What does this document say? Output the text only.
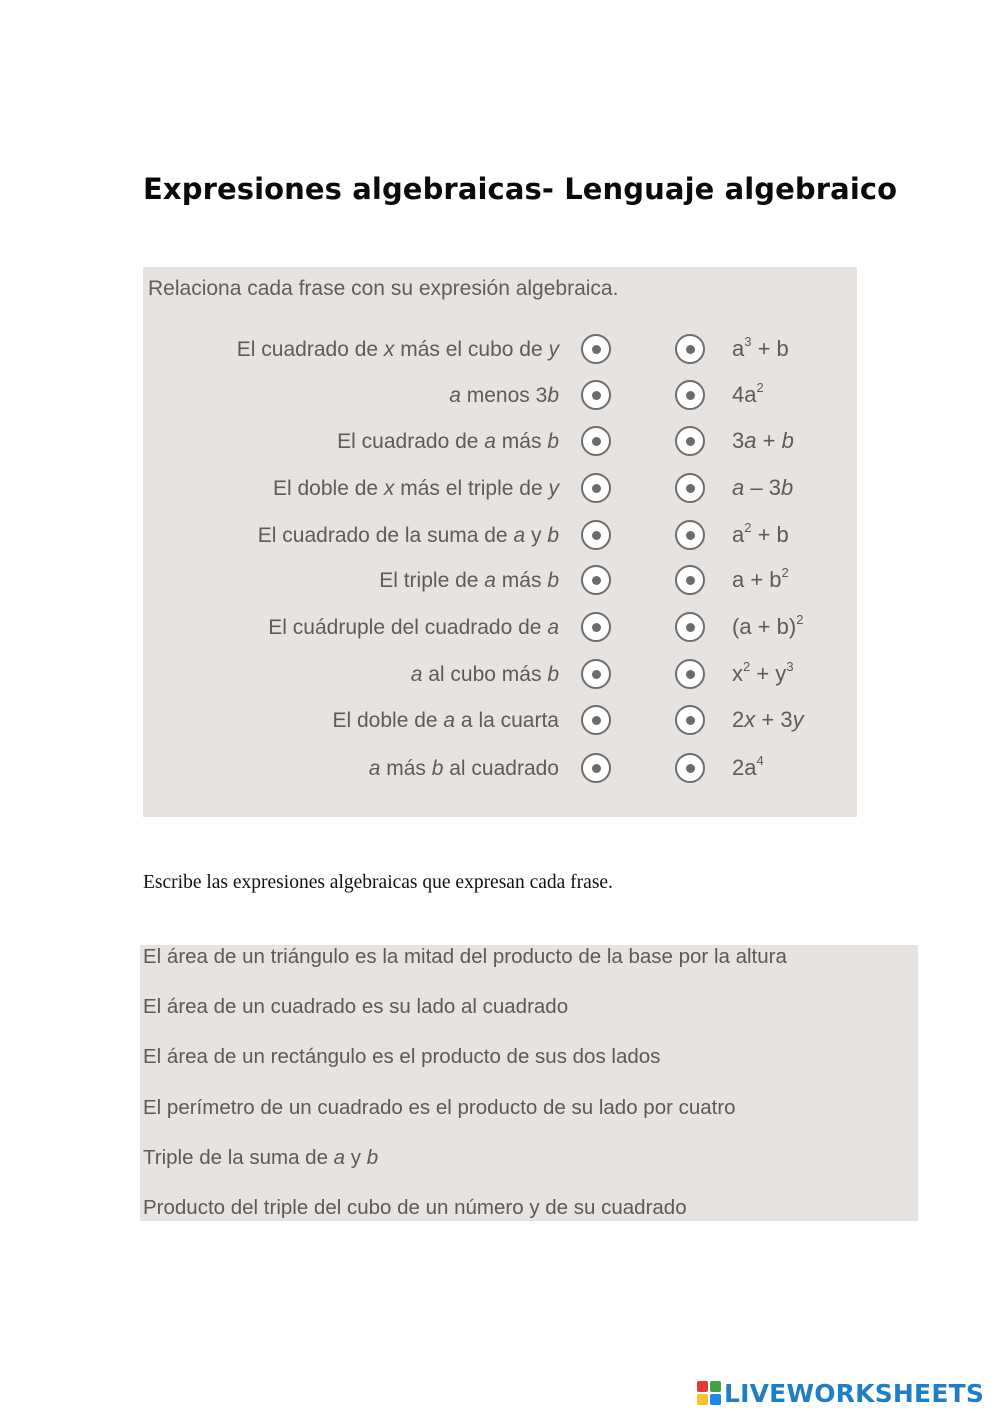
Expresiones algebraicas- Lenguaje algebraico
Relaciona cada frase con su expresión algebraica.
El cuadrado de x más el cubo de y	$a^3 + b$
a menos 3b	$4a^2$
El cuadrado de a más b	3a + b
El doble de x más el triple de y	a – 3b
El cuadrado de la suma de a y b	$a^2 + b$
El triple de a más b	$a + b^2$
El cuádruple del cuadrado de a	$(a + b)^2$
a al cubo más b	$x^2 + y^3$
El doble de a a la cuarta	2x + 3y
a más b al cuadrado	$2a^4$

Escribe las expresiones algebraicas que expresan cada frase.

El área de un triángulo es la mitad del producto de la base por la altura
El área de un cuadrado es su lado al cuadrado
El área de un rectángulo es el producto de sus dos lados
El perímetro de un cuadrado es el producto de su lado por cuatro
Triple de la suma de a y b
Producto del triple del cubo de un número y de su cuadrado
LIVEWORKSHEETS
